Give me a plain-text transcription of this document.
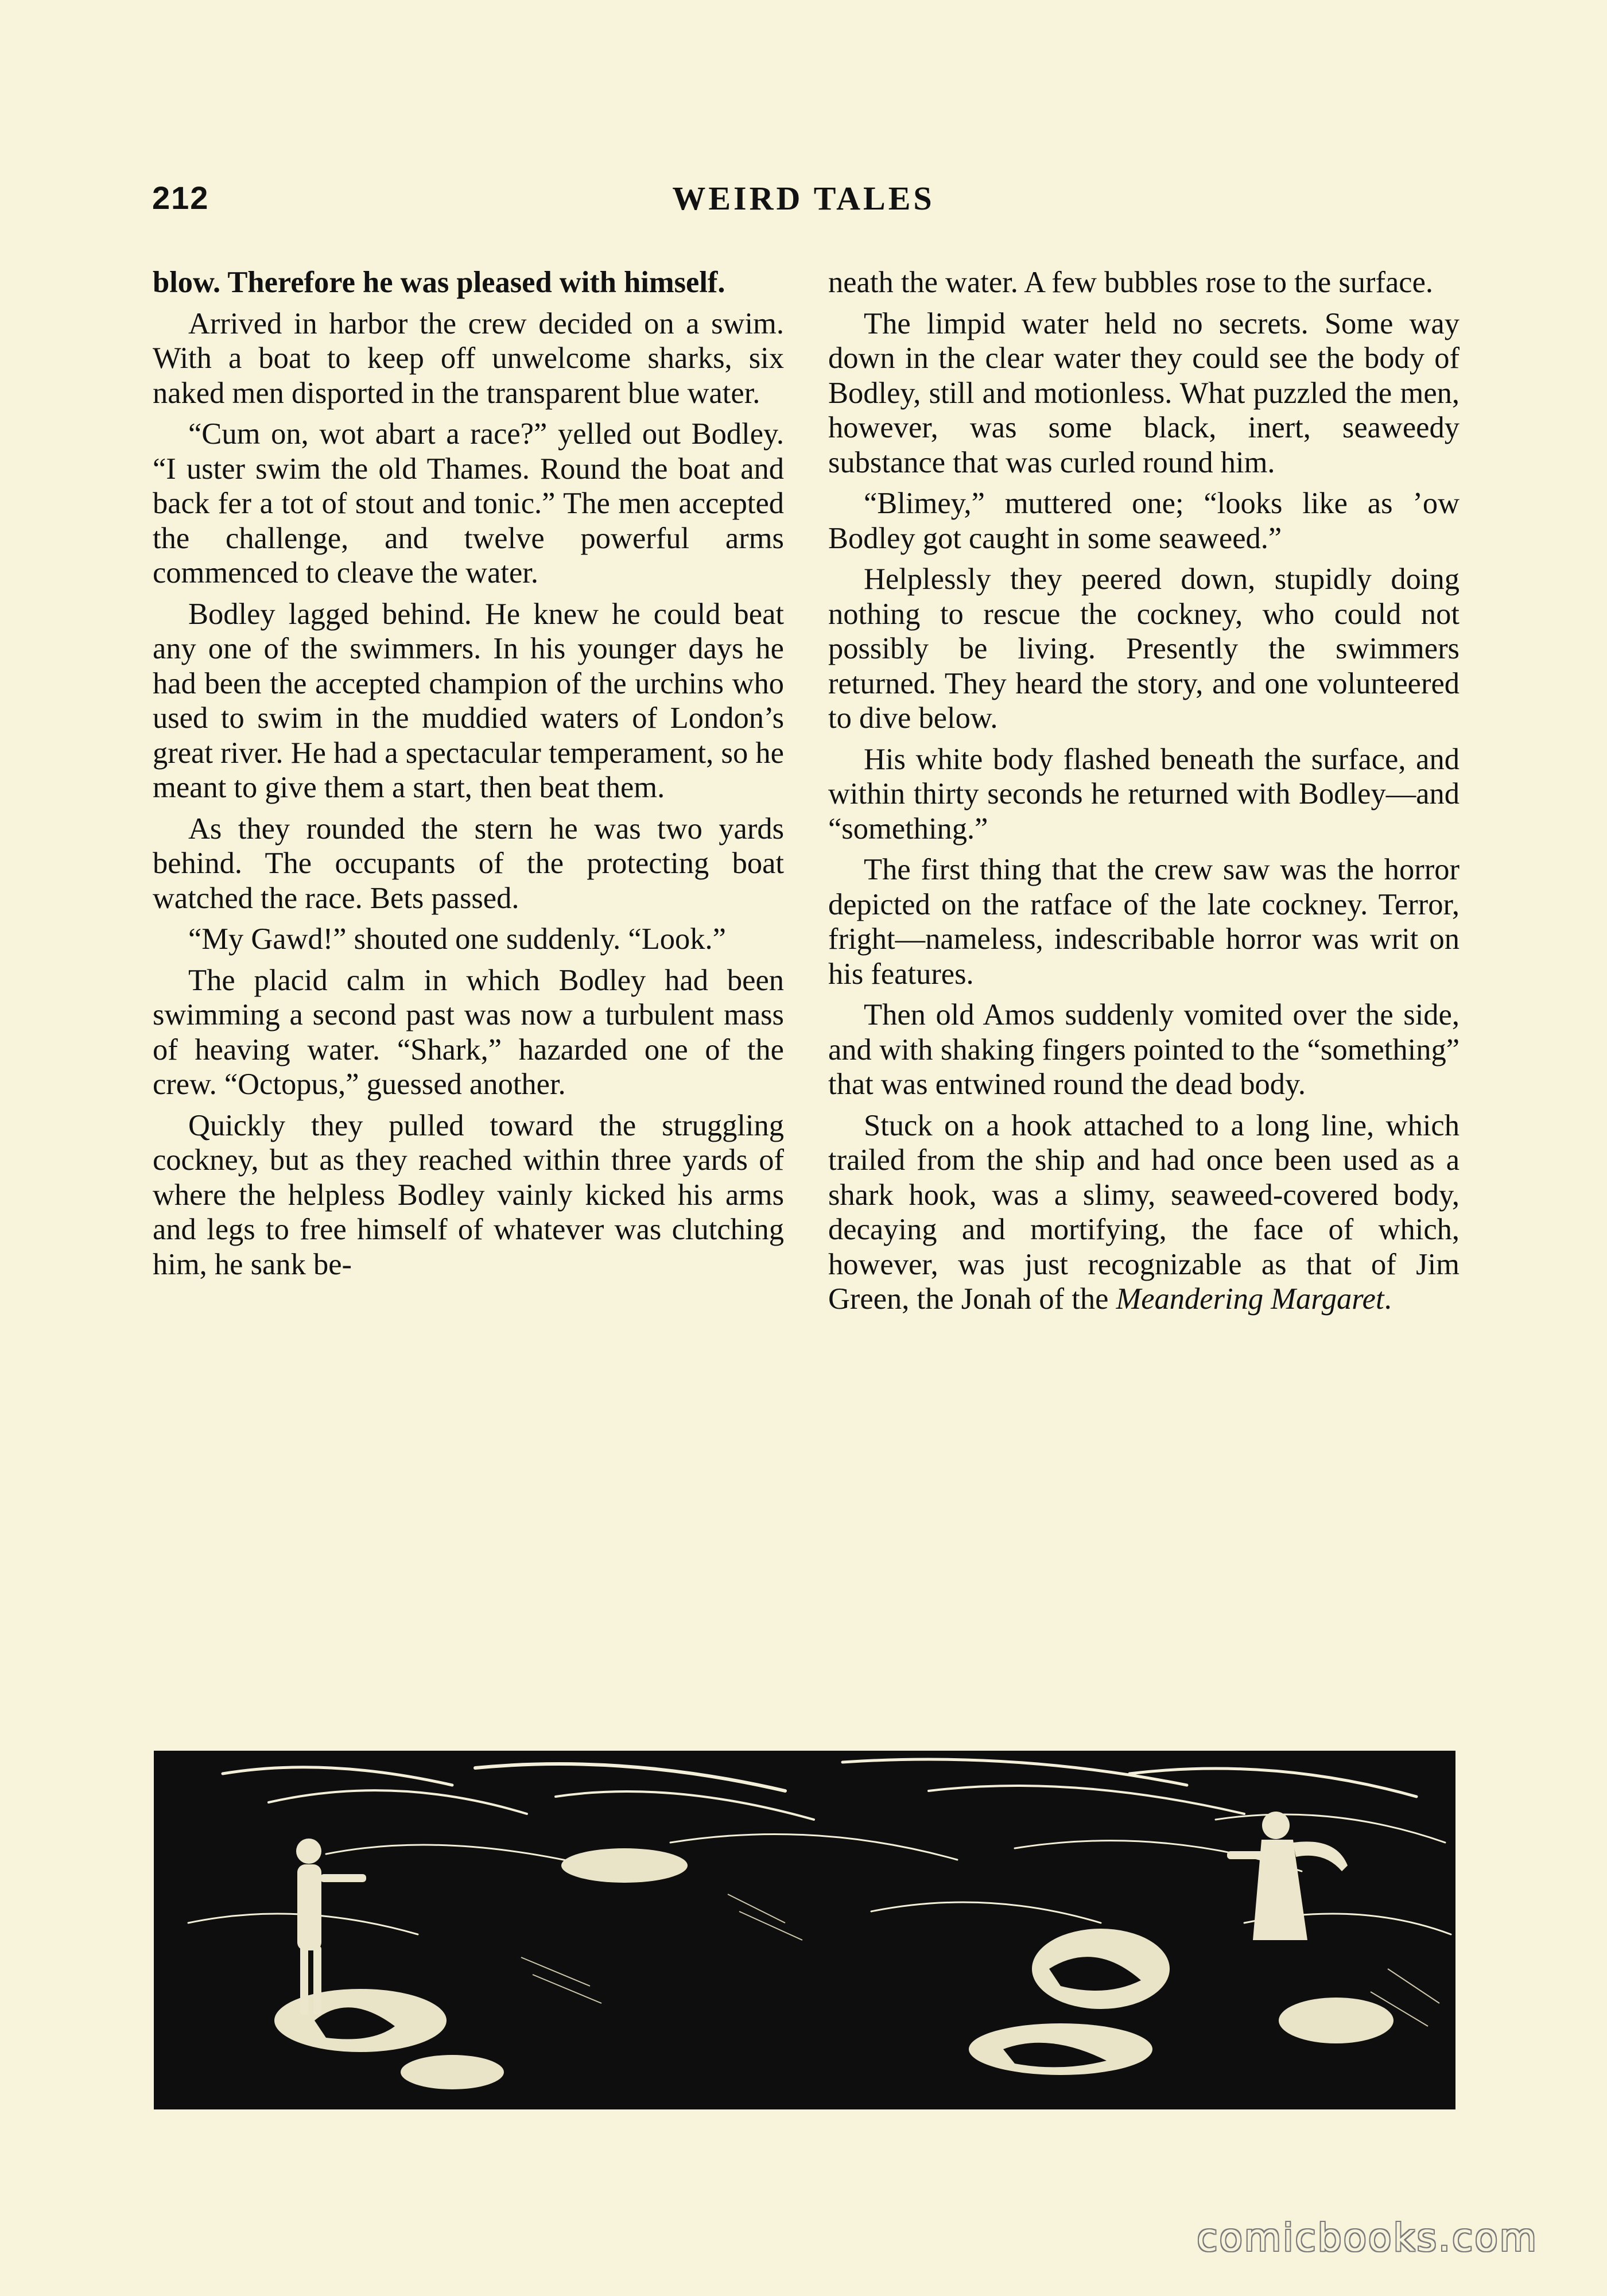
212	WEIRD TALES

blow. Therefore he was pleased with himself.

Arrived in harbor the crew decided on a swim. With a boat to keep off unwelcome sharks, six naked men disported in the transparent blue water.

“Cum on, wot abart a race?” yelled out Bodley. “I uster swim the old Thames. Round the boat and back fer a tot of stout and tonic.” The men accepted the challenge, and twelve powerful arms commenced to cleave the water.

Bodley lagged behind. He knew he could beat any one of the swimmers. In his younger days he had been the accepted champion of the urchins who used to swim in the muddied waters of London’s great river. He had a spectacular temperament, so he meant to give them a start, then beat them.

As they rounded the stern he was two yards behind. The occupants of the protecting boat watched the race. Bets passed.

“My Gawd!” shouted one suddenly. “Look.”

The placid calm in which Bodley had been swimming a second past was now a turbulent mass of heaving water. “Shark,” hazarded one of the crew. “Octopus,” guessed another.

Quickly they pulled toward the struggling cockney, but as they reached within three yards of where the helpless Bodley vainly kicked his arms and legs to free himself of whatever was clutching him, he sank be-

neath the water. A few bubbles rose to the surface.

The limpid water held no secrets. Some way down in the clear water they could see the body of Bodley, still and motionless. What puzzled the men, however, was some black, inert, seaweedy substance that was curled round him.

“Blimey,” muttered one; “looks like as ’ow Bodley got caught in some seaweed.”

Helplessly they peered down, stupidly doing nothing to rescue the cockney, who could not possibly be living. Presently the swimmers returned. They heard the story, and one volunteered to dive below.

His white body flashed beneath the surface, and within thirty seconds he returned with Bodley—and “something.”

The first thing that the crew saw was the horror depicted on the ratface of the late cockney. Terror, fright—nameless, indescribable horror was writ on his features.

Then old Amos suddenly vomited over the side, and with shaking fingers pointed to the “something” that was entwined round the dead body.

Stuck on a hook attached to a long line, which trailed from the ship and had once been used as a shark hook, was a slimy, seaweed-covered body, decaying and mortifying, the face of which, however, was just recognizable as that of Jim Green, the Jonah of the Meandering Margaret.

comicbooks.com
